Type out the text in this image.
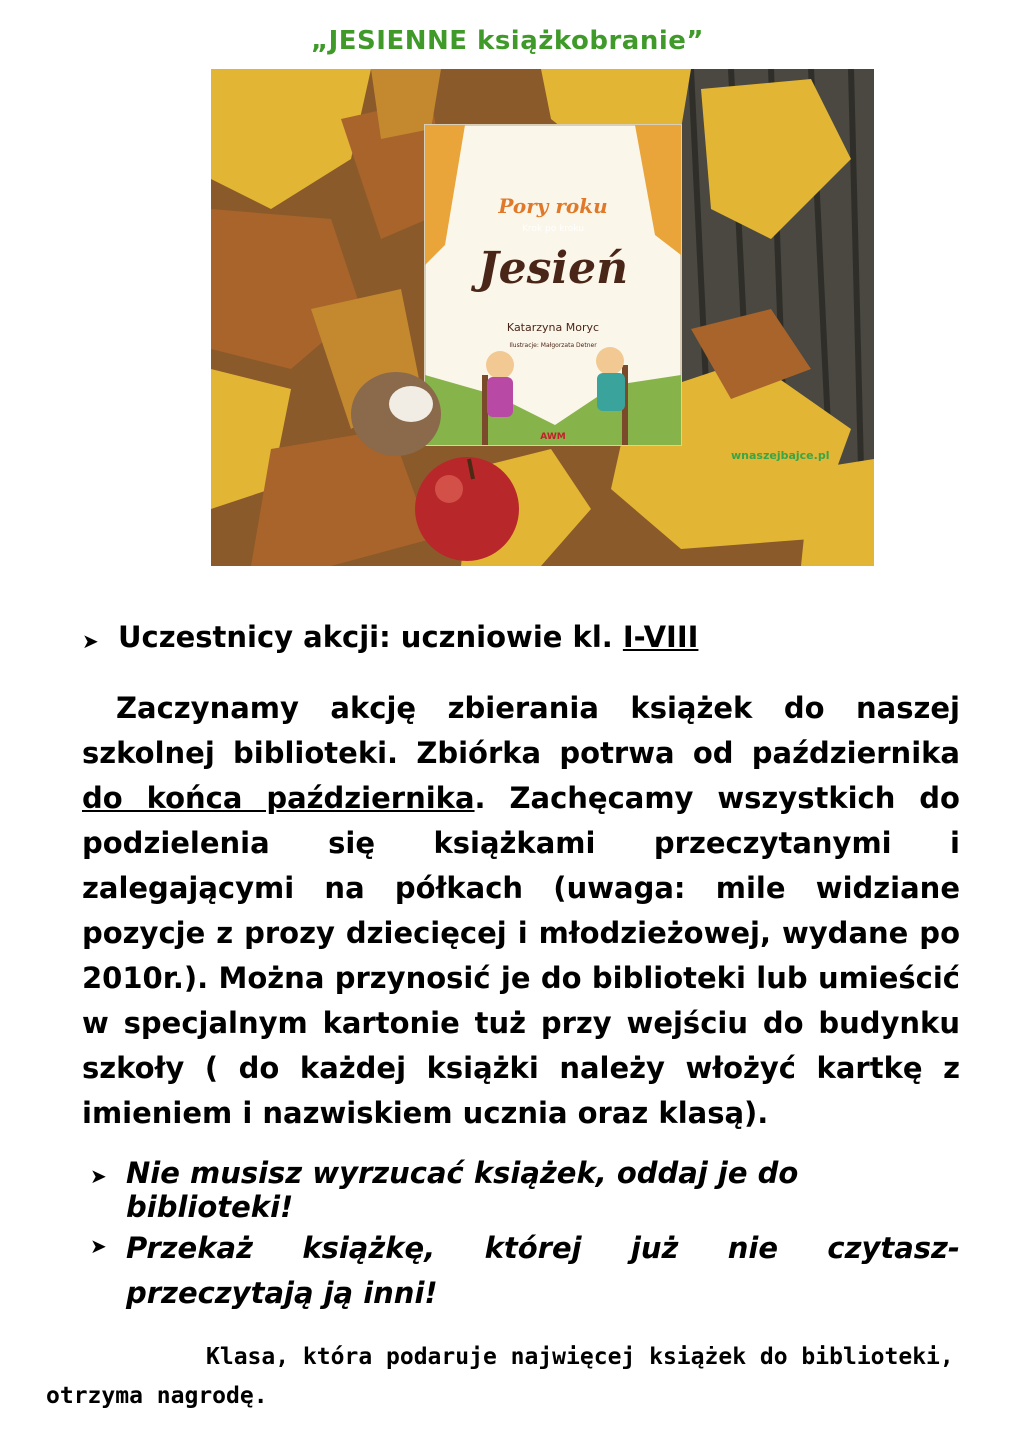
„JESIENNE książkobranie”
Pory roku
Krok po kroku
Jesień
Katarzyna Moryc
Ilustracje: Małgorzata Detner
AWM
wnaszejbajce.pl
➤ Uczestnicy akcji: uczniowie kl. I-VIII
Zaczynamy akcję zbierania książek do naszej szkolnej biblioteki. Zbiórka potrwa od października do końca października. Zachęcamy wszystkich do podzielenia się książkami przeczytanymi i zalegającymi na półkach (uwaga: mile widziane pozycje z prozy dziecięcej i młodzieżowej, wydane po 2010r.). Można przynosić je do biblioteki lub umieścić w specjalnym kartonie tuż przy wejściu do budynku szkoły ( do każdej książki należy włożyć kartkę z imieniem i nazwiskiem ucznia oraz klasą).
➤ Nie musisz wyrzucać książek, oddaj je do biblioteki!
➤ Przekaż książkę, której już nie czytasz-
przeczytają ją inni!
Klasa, która podaruje najwięcej książek do biblioteki,
otrzyma nagrodę.
